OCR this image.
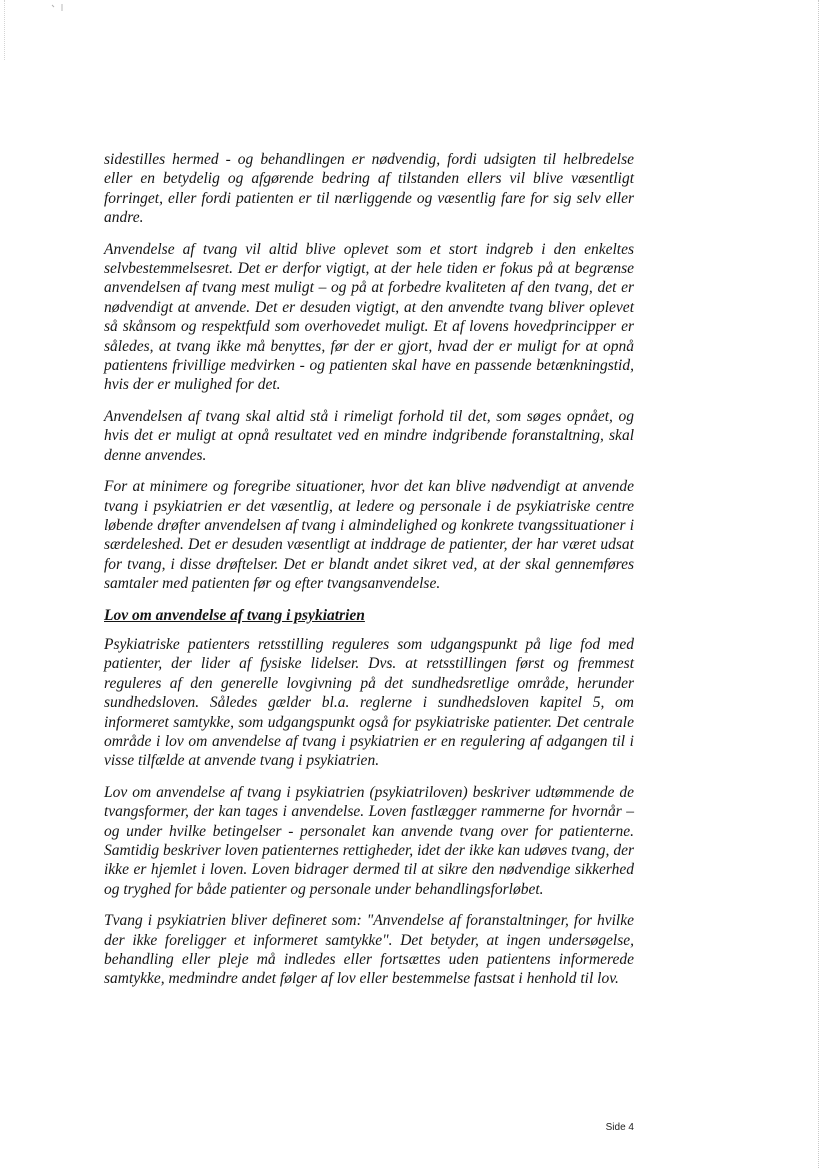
sidestilles hermed - og behandlingen er nødvendig, fordi udsigten til helbredelse eller en betydelig og afgørende bedring af tilstanden ellers vil blive væsentligt forringet, eller fordi patienten er til nærliggende og væsentlig fare for sig selv eller andre.

Anvendelse af tvang vil altid blive oplevet som et stort indgreb i den enkeltes selvbestemmelsesret. Det er derfor vigtigt, at der hele tiden er fokus på at begrænse anvendelsen af tvang mest muligt – og på at forbedre kvaliteten af den tvang, det er nødvendigt at anvende. Det er desuden vigtigt, at den anvendte tvang bliver oplevet så skånsom og respektfuld som overhovedet muligt. Et af lovens hovedprincipper er således, at tvang ikke må benyttes, før der er gjort, hvad der er muligt for at opnå patientens frivillige medvirken - og patienten skal have en passende betænkningstid, hvis der er mulighed for det.

Anvendelsen af tvang skal altid stå i rimeligt forhold til det, som søges opnået, og hvis det er muligt at opnå resultatet ved en mindre indgribende foranstaltning, skal denne anvendes.

For at minimere og foregribe situationer, hvor det kan blive nødvendigt at anvende tvang i psykiatrien er det væsentlig, at ledere og personale i de psykiatriske centre løbende drøfter anvendelsen af tvang i almindelighed og konkrete tvangssituationer i særdeleshed. Det er desuden væsentligt at inddrage de patienter, der har været udsat for tvang, i disse drøftelser. Det er blandt andet sikret ved, at der skal gennemføres samtaler med patienten før og efter tvangsanvendelse.

Lov om anvendelse af tvang i psykiatrien

Psykiatriske patienters retsstilling reguleres som udgangspunkt på lige fod med patienter, der lider af fysiske lidelser. Dvs. at retsstillingen først og fremmest reguleres af den generelle lovgivning på det sundhedsretlige område, herunder sundhedsloven. Således gælder bl.a. reglerne i sundhedsloven kapitel 5, om informeret samtykke, som udgangspunkt også for psykiatriske patienter. Det centrale område i lov om anvendelse af tvang i psykiatrien er en regulering af adgangen til i visse tilfælde at anvende tvang i psykiatrien.

Lov om anvendelse af tvang i psykiatrien (psykiatriloven) beskriver udtømmende de tvangsformer, der kan tages i anvendelse. Loven fastlægger rammerne for hvornår – og under hvilke betingelser - personalet kan anvende tvang over for patienterne. Samtidig beskriver loven patienternes rettigheder, idet der ikke kan udøves tvang, der ikke er hjemlet i loven. Loven bidrager dermed til at sikre den nødvendige sikkerhed og tryghed for både patienter og personale under behandlingsforløbet.

Tvang i psykiatrien bliver defineret som: "Anvendelse af foranstaltninger, for hvilke der ikke foreligger et informeret samtykke". Det betyder, at ingen undersøgelse, behandling eller pleje må indledes eller fortsættes uden patientens informerede samtykke, medmindre andet følger af lov eller bestemmelse fastsat i henhold til lov.

Side 4
